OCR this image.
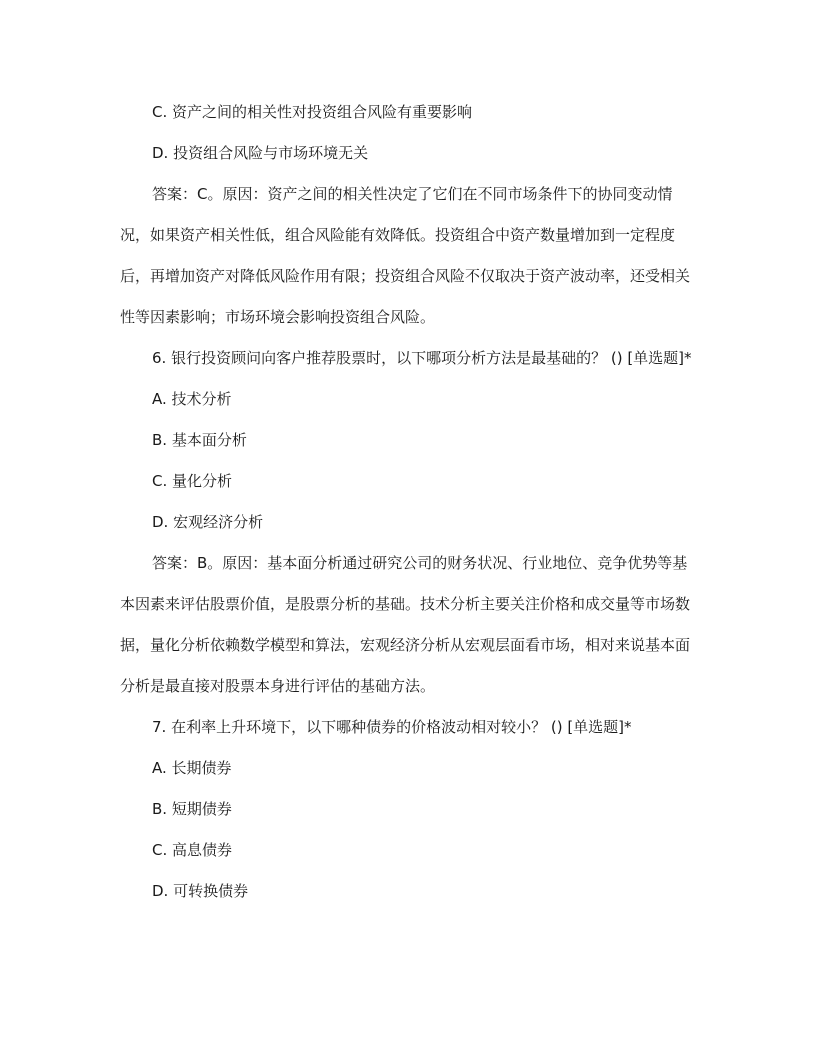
C. 资产之间的相关性对投资组合风险有重要影响

D. 投资组合风险与市场环境无关

答案：C。原因：资产之间的相关性决定了它们在不同市场条件下的协同变动情况，如果资产相关性低，组合风险能有效降低。投资组合中资产数量增加到一定程度后，再增加资产对降低风险作用有限；投资组合风险不仅取决于资产波动率，还受相关性等因素影响；市场环境会影响投资组合风险。

6. 银行投资顾问向客户推荐股票时，以下哪项分析方法是最基础的？ () [单选题]*

A. 技术分析

B. 基本面分析

C. 量化分析

D. 宏观经济分析

答案：B。原因：基本面分析通过研究公司的财务状况、行业地位、竞争优势等基本因素来评估股票价值，是股票分析的基础。技术分析主要关注价格和成交量等市场数据，量化分析依赖数学模型和算法，宏观经济分析从宏观层面看市场，相对来说基本面分析是最直接对股票本身进行评估的基础方法。

7. 在利率上升环境下，以下哪种债券的价格波动相对较小？ () [单选题]*

A. 长期债券

B. 短期债券

C. 高息债券

D. 可转换债券
